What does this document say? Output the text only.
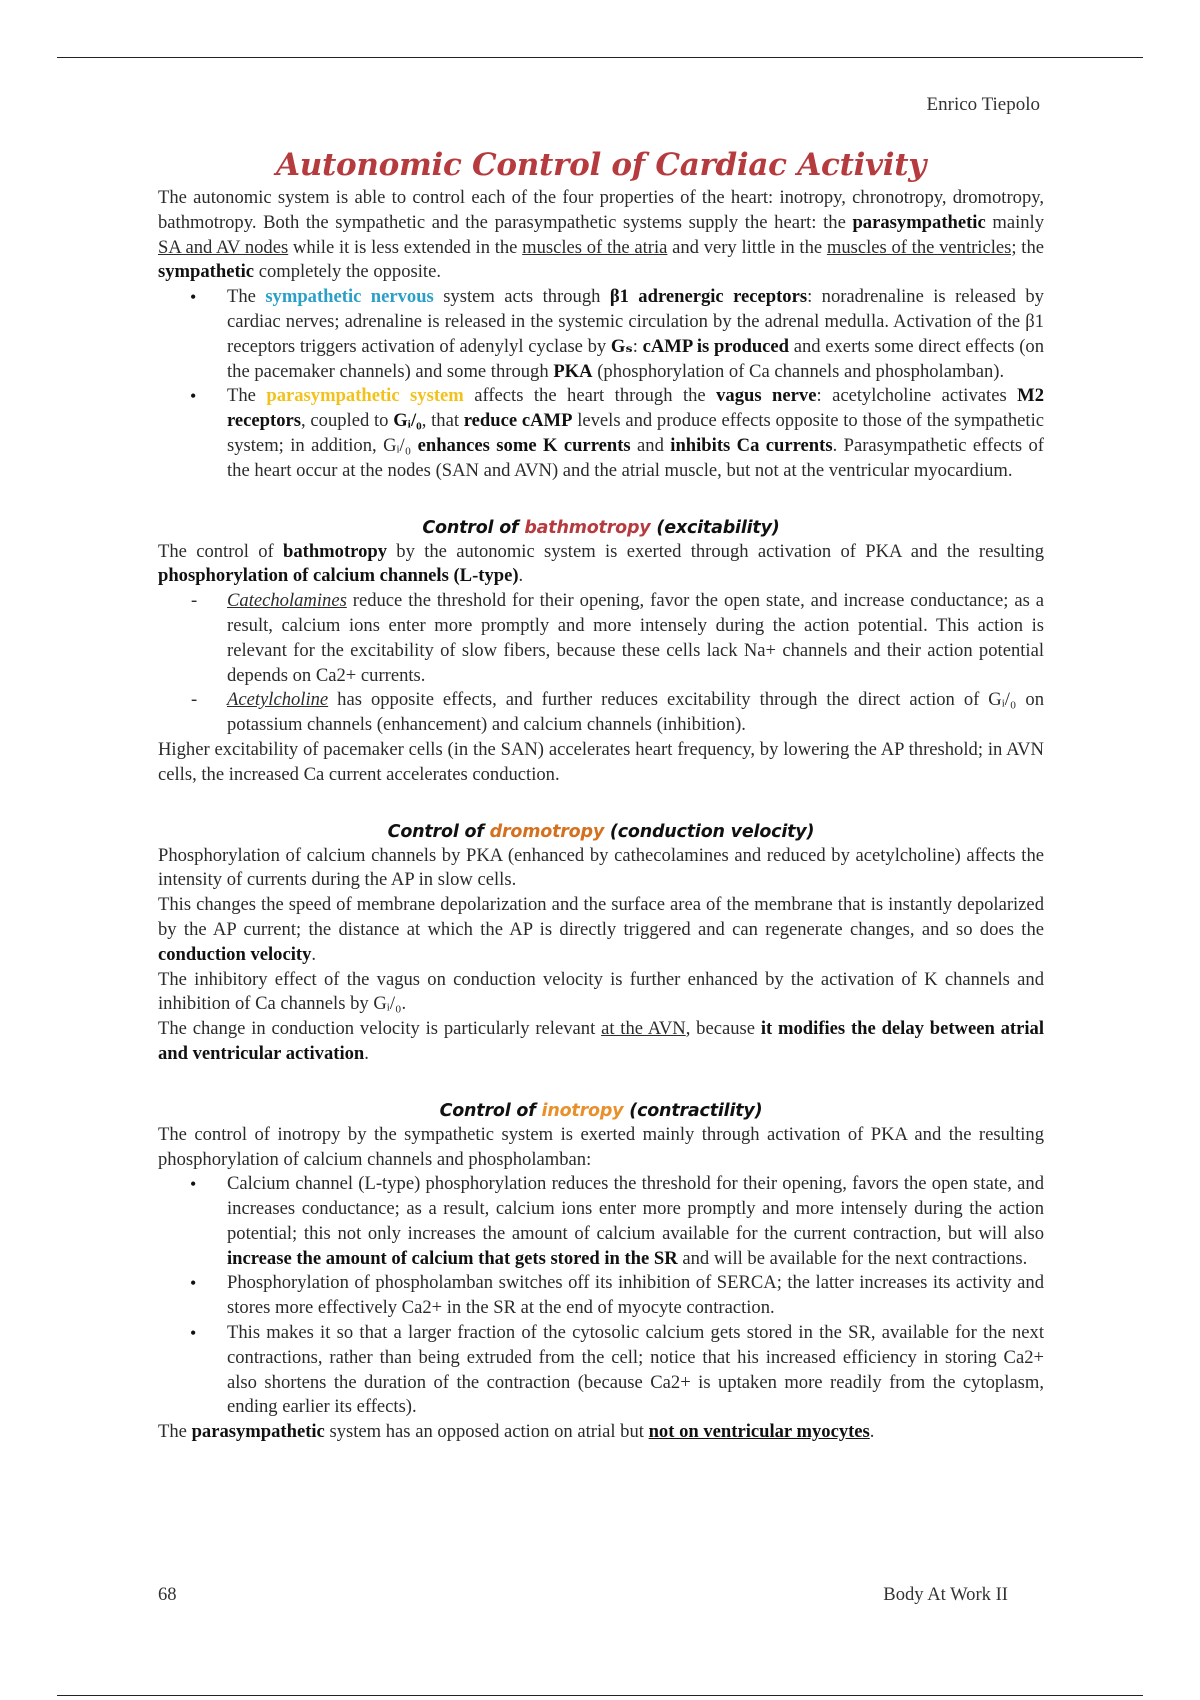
Enrico Tiepolo
Autonomic Control of Cardiac Activity

The autonomic system is able to control each of the four properties of the heart: inotropy, chronotropy, dromotropy, bathmotropy. Both the sympathetic and the parasympathetic systems supply the heart: the parasympathetic mainly SA and AV nodes while it is less extended in the muscles of the atria and very little in the muscles of the ventricles; the sympathetic completely the opposite.

• The sympathetic nervous system acts through β1 adrenergic receptors: noradrenaline is released by cardiac nerves; adrenaline is released in the systemic circulation by the adrenal medulla. Activation of the β1 receptors triggers activation of adenylyl cyclase by Gₛ: cAMP is produced and exerts some direct effects (on the pacemaker channels) and some through PKA (phosphorylation of Ca channels and phospholamban).
• The parasympathetic system affects the heart through the vagus nerve: acetylcholine activates M2 receptors, coupled to Gᵢ/₀, that reduce cAMP levels and produce effects opposite to those of the sympathetic system; in addition, Gᵢ/₀ enhances some K currents and inhibits Ca currents. Parasympathetic effects of the heart occur at the nodes (SAN and AVN) and the atrial muscle, but not at the ventricular myocardium.
Control of bathmotropy (excitability)

The control of bathmotropy by the autonomic system is exerted through activation of PKA and the resulting phosphorylation of calcium channels (L-type).

- Catecholamines reduce the threshold for their opening, favor the open state, and increase conductance; as a result, calcium ions enter more promptly and more intensely during the action potential. This action is relevant for the excitability of slow fibers, because these cells lack Na+ channels and their action potential depends on Ca2+ currents.
- Acetylcholine has opposite effects, and further reduces excitability through the direct action of Gᵢ/₀ on potassium channels (enhancement) and calcium channels (inhibition).

Higher excitability of pacemaker cells (in the SAN) accelerates heart frequency, by lowering the AP threshold; in AVN cells, the increased Ca current accelerates conduction.

Control of dromotropy (conduction velocity)

Phosphorylation of calcium channels by PKA (enhanced by cathecolamines and reduced by acetylcholine) affects the intensity of currents during the AP in slow cells.

This changes the speed of membrane depolarization and the surface area of the membrane that is instantly depolarized by the AP current; the distance at which the AP is directly triggered and can regenerate changes, and so does the conduction velocity.

The inhibitory effect of the vagus on conduction velocity is further enhanced by the activation of K channels and inhibition of Ca channels by Gᵢ/₀.

The change in conduction velocity is particularly relevant at the AVN, because it modifies the delay between atrial and ventricular activation.

Control of inotropy (contractility)

The control of inotropy by the sympathetic system is exerted mainly through activation of PKA and the resulting phosphorylation of calcium channels and phospholamban:

• Calcium channel (L-type) phosphorylation reduces the threshold for their opening, favors the open state, and increases conductance; as a result, calcium ions enter more promptly and more intensely during the action potential; this not only increases the amount of calcium available for the current contraction, but will also increase the amount of calcium that gets stored in the SR and will be available for the next contractions.
• Phosphorylation of phospholamban switches off its inhibition of SERCA; the latter increases its activity and stores more effectively Ca2+ in the SR at the end of myocyte contraction.
• This makes it so that a larger fraction of the cytosolic calcium gets stored in the SR, available for the next contractions, rather than being extruded from the cell; notice that his increased efficiency in storing Ca2+ also shortens the duration of the contraction (because Ca2+ is uptaken more readily from the cytoplasm, ending earlier its effects).

The parasympathetic system has an opposed action on atrial but not on ventricular myocytes.

68	Body At Work II
